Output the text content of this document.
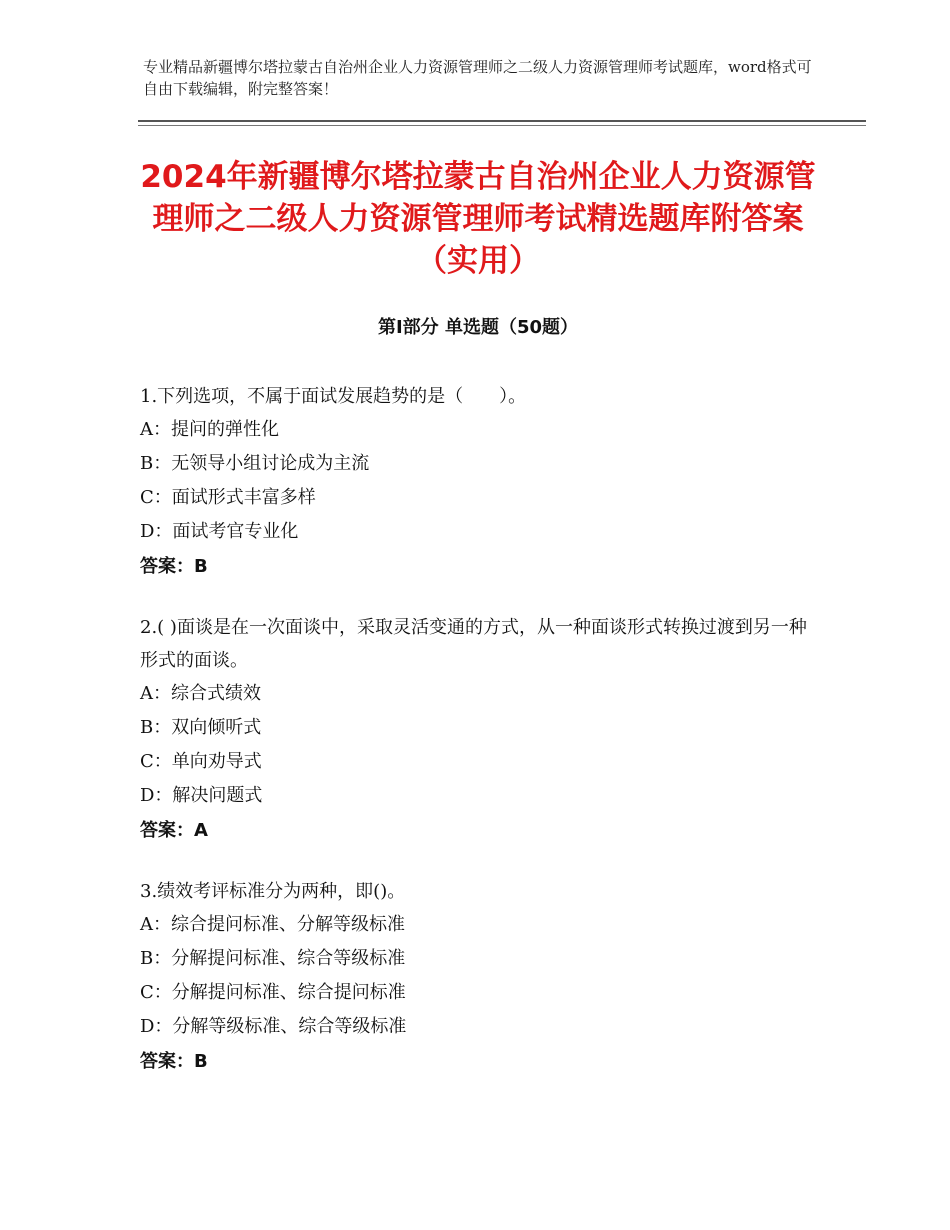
专业精品新疆博尔塔拉蒙古自治州企业人力资源管理师之二级人力资源管理师考试题库，word格式可自由下载编辑，附完整答案！
2024年新疆博尔塔拉蒙古自治州企业人力资源管理师之二级人力资源管理师考试精选题库附答案（实用）
第Ⅰ部分 单选题（50题）

1.下列选项，不属于面试发展趋势的是（　　）。

A：提问的弹性化

B：无领导小组讨论成为主流

C：面试形式丰富多样

D：面试考官专业化

答案：B

2.( )面谈是在一次面谈中，采取灵活变通的方式，从一种面谈形式转换过渡到另一种形式的面谈。

A：综合式绩效

B：双向倾听式

C：单向劝导式

D：解决问题式

答案：A

3.绩效考评标准分为两种，即()。

A：综合提问标准、分解等级标准

B：分解提问标准、综合等级标准

C：分解提问标准、综合提问标准

D：分解等级标准、综合等级标准

答案：B
